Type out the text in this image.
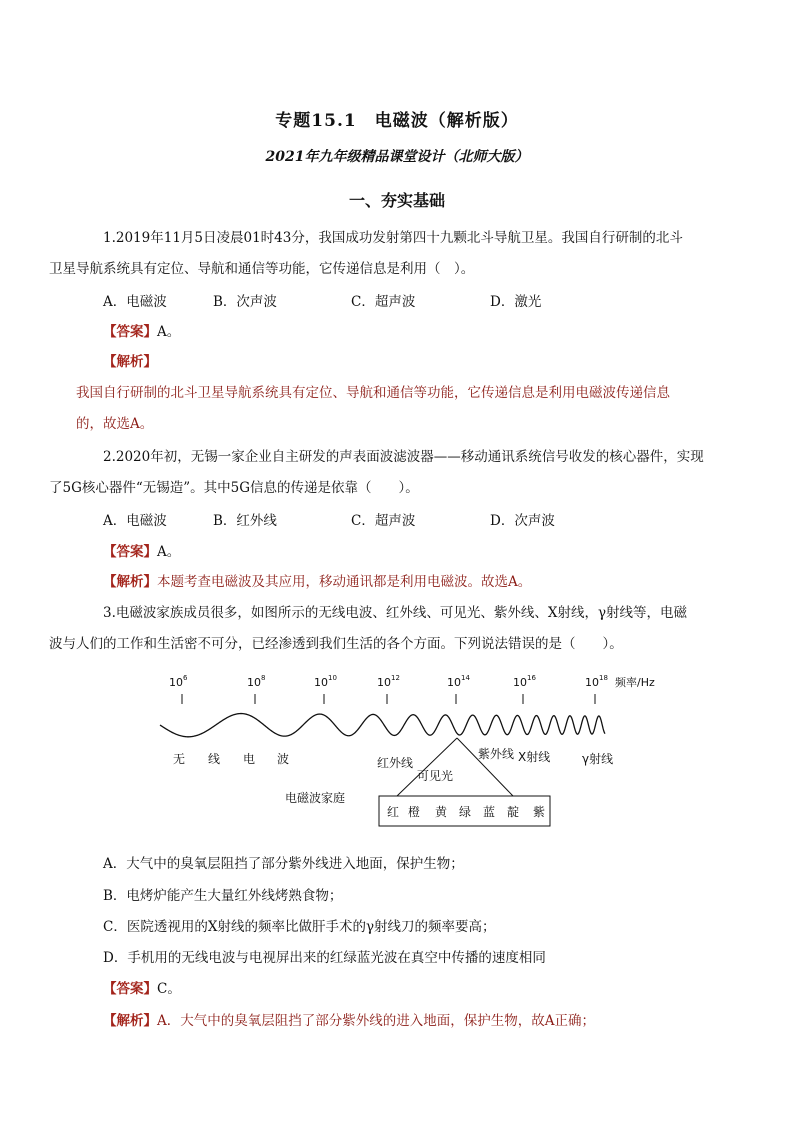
专题15.1　电磁波（解析版）
2021年九年级精品课堂设计（北师大版）
一、夯实基础

1.2019年11月5日凌晨01时43分，我国成功发射第四十九颗北斗导航卫星。我国自行研制的北斗
卫星导航系统具有定位、导航和通信等功能，它传递信息是利用（　）。

A．电磁波	B．次声波	C．超声波	D．激光
【答案】A。
【解析】

我国自行研制的北斗卫星导航系统具有定位、导航和通信等功能，它传递信息是利用电磁波传递信息
的，故选A。

2.2020年初，无锡一家企业自主研发的声表面波滤波器——移动通讯系统信号收发的核心器件，实现
了5G核心器件“无锡造”。其中5G信息的传递是依靠（　　）。

A．电磁波	B．红外线	C．超声波	D．次声波
【答案】A。
【解析】本题考查电磁波及其应用，移动通讯都是利用电磁波。故选A。

3.电磁波家族成员很多，如图所示的无线电波、红外线、可见光、紫外线、X射线，γ射线等，电磁
波与人们的工作和生活密不可分，已经渗透到我们生活的各个方面。下列说法错误的是（　　）。

$10^6$	$10^8$	$10^{10}$	$10^{12}$	$10^{14}$	$10^{16}$	$10^{18}$ 频率/Hz
无 线 电 波	红外线
可见光
紫外线 X射线	γ射线
电磁波家庭
红 橙 黄 绿 蓝 靛 紫
A．大气中的臭氧层阻挡了部分紫外线进入地面，保护生物；
B．电烤炉能产生大量红外线烤熟食物；
C．医院透视用的X射线的频率比做肝手术的γ射线刀的频率要高；
D．手机用的无线电波与电视屏出来的红绿蓝光波在真空中传播的速度相同
【答案】C。
【解析】A．大气中的臭氧层阻挡了部分紫外线的进入地面，保护生物，故A正确；
